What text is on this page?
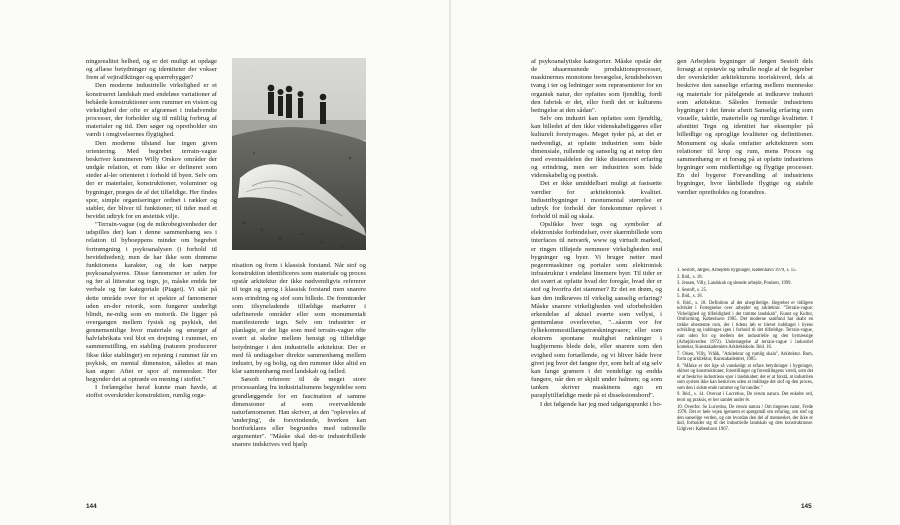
ningsrealitet helhed, og er det muligt at opdage og aflæse betydninger og identiteter der vokser frem af vejtrafiktinger og spærrebygger?

Den moderne industrielle virkelighed er et konstrueret landskab med endeløse variationer af bebåede konstruktioner som rummer en vision og virkelighed der ofte er afgrænset i indadvendte processer, der forholder sig til mililig forbrug af materialer og tid. Den søger og opretholder sin værdi i omgivelsernes flygtighed.

Den moderne tilstand har ingen given orientering. Med begrebet terrain-vague beskriver kunstneren Willy Orskov områder der undgår relation, et rum ikke er defineret som steder al-ler orienteret i forhold til byen. Selv om der er materialer, konstruktioner, voluminer og bygninger, præges de af det tilfældige. Her findes spor, simple organiseringer ordnet i rækker og stabler, der bliver til funktioner; til tider med et bevidst udtryk for en æstetisk vilje.

"Terrain-vague (og de mikrobegivenheder der udspilles der) kan i denne sammenhæng ses i relation til byboeppens minder om begrebet fortrængning i psykoanalysen (i forhold til bevidstheden); men de har ikke som drømme funktionens karakter, og de kan næppe psykoanalyseres. Disse fænomener er uden for og før al litteratur og tegn, jo, måske endda før verbale og før kategoriale (Piaget). Vi står på dette område over for et spektre af fænomener uden en-der retorik, som fungerer underligt blindt, ne-mlig som en motorik. De ligger på overgangen mellem fysisk og psykisk, det gennemsnitlige hvor materiale og smerger af halvfabrikata ved blot en drejning i rummet, en sammenstilling, en stabling (naturen producerer fikse ikke stablinger) en rejsning i rummet får en psykisk, en mental dimension, således at man kan ægne: Aftet er spor af mennesker. Her begynder det at optræde en mening i stoffet."

I forlængelse heraf kunne man havde, at stoffet overskrider konstruktion, rumlig orga-

nisation og form i klassisk forstand. Når stof og konstruktion identificeres som materiale og proces opstår arkitektur der ikke nødvendigvis refererer til tegn og sprog i klassisk forstand men snarere som erindring og stof som billede. De fremtræder som tilsyneladende tilfældige markører i udefinerede områder eller som monumentalt manifesterede tegn. Selv om industrier er planlagte, er det lige som med terrain-vague ofte svært at skelne mellem hensigt og tilfældige betydninger i den industrielle arkitektur. Der er med få undtagelser direkte sammenhæng mellem industri, by og bolig, og den rummer ikke altid en klar sammenhæng med landskab og fælled.

Sæsoft refererer til de meget store processanlæg fra industrialismens begyndelse som grundlæggende for en fascination af samme dimensioner af som overvældende naturfænomener. Han skriver, at den "opleveles af 'underjing', de forsvindende, hverken kan bortforklares eller begrundes med rationelle argumenter". "Måske skal det-te industribillede snarere indskrives ved hjælp

144

af psykoanalytiske kategorier. Måske opstår der de ubaarnusnede produktionsprocesser, maskinernes monotone bevægelse, krudsbehoven tvang i ter og ledninger som repræsenterer for en organisk natur, der opfattes som fjendtlig, fordi den fabrisk er det, eller fordi det er kulturens betingelse at den sådan".

Selv om industri kan opfattes som fjendtlig, kan billedet af den ikke videnskabeliggøres eller kulturelt forstyrrages. Meget tyder på, at det er nødvendigt, at opfatte industrien som både dimensiale, rullende og sanselig og at netop den med eventualdelen der ikke distanceret erfaring og erindring, men ser industrien som både videnskabelig og poetisk.

Det er ikke umiddelbart muligt at fastsætte værdier for arkitektonisk kvalitet. Industribygninger i monumental størrelse er udtryk for forhold der forekommer oplevet i forhold til mål og skala.

Opslikke hver tegn og symboler af elektroniske forbindelser, over skærmbillede som interfaces til netværk, www og virtuelt marked, er ringen tilføjede nemmere virkeligheden end bygninger og byer. Vi bruger netter med pegeremaskiner og portaler som elektronisk infrastruktur i endeløst linemere byer. Til tider er det svært at opfatte hvad der foregår, hvad der er stof og hvorfra det stammer? Er det en drøm, og kan den indkræves til virkelig sanselig erfaring? Måske snarere virkeligheden ved uforbeholden erkendelse af aktuel sværte som vellyst, i gennemlæse overleveise, "...såsom vor for fylkekommestillængetræskningvaere; eller som ekstrem spontane mulighet rækninger i bagbjernens blede dele, eller snarere som den evighed som fortællende, og vi bliver både hvor givet jeg hvor det fangne dyr, som helt af sig selv kan fange grænere i det vendelige og endda fungere, når den er skjult under halmen; og som tanken skriver maskinens ego en paraplytilfældige mede på et disseksionsbord".

I det følgende har jeg med udgangspunkt i bo-

gen Arbejdets bygninger af Jørgen Sestoft dels forsøgt at opstøvle og udrulle nogle af de begreber der overskrider arkitekturens teoriskiverd, dels at beskrive den sanselige erfaring mellem menneske og materiale for påfølgende at indkræve industri som arkitektur. Således fremstår industriens bygninger i det første afsnit Sanselig erfaring som visuelle, taktile, materielle og rumlige kvaliteter. I afsnittet Tegn og identitet har eksempler på billedlige og sproglige kvaliteter og definitioner. Monument og skala omfatter arkitekturen som relationer til krop og rum, mens Proces og sammenhæng er et forsøg på at opfatte industriens bygninger som midlertidige og flygtige processer. En del bygerer Forvandling af industriens bygninger, hvor lånbillede flygtige og stabile værdier opretholdes og forandres.

1. Sestoft, Jørgen, Arbejdets bygninger, København 1979, s. 15.

2. Ibid., s. 18.

3. Jensen, Villy, Landskab og slesede arbejde, Poulsen, 1999.

4. Sestoft, s. 25.

5. Ibid., s. 18.

6. Ibid., s. 18. Definition af det ubegribelige. Begrebet er tidligere udviklet i Fortegnelse over arbejder og arkitektur. "Terrain-vague: Virkelighed og tilfældighed i det tomme landskab", Kunst og Kultur, Omforming, København 1985. Det moderne samfund har skabt en række ubestemte rum, der i tidens løb er blevet inddraget i byens udvikling og inddrages igen i forhold til det tilfældige. Terrain-vague, rum uden for og mellem det industrielle og den bymæssige (Arbejdsverden 1972). Undersøgelse af terrain-vague i industriel kontekst, Kunstakademiets Arkitektskole. Ibid. 16.

7. Olsen, Villy, Vrååk, "Arkitektur og rumlig skala", Arkitektur. Rum, form og arkitektur, Kunstakademiet, 1985.

8. "Måske er det lige så vanskeligt at erfare betydninger i bygninger, skitser og konstruktioner, forestillinger og forestillingens værdi, som det er at beskrive industriens spor i landskabet; det er at forstå, at industrien som system ikke kan beskrives uden at inddrage det stof og den proces, som den i sidste ende rummer og forvandler."

9. Ibid., s. 14. Oversat i Lucretius, De rerum natura. Det enkelte ord, teori og praksis, er her samlet under ét.

10. Ovenfor. Se Lucretius, De rerum natura / Om tingenes natur, Frede 1978. Det er hele vejen igennem et spørgsmål om erfaring, om stof og den sanselige verden, og om hvordan den del af mennesket, der ikke er ånd, forholder sig til det industrielle landskab og dets konstruktioner. Udgivet i København 1967.

145
